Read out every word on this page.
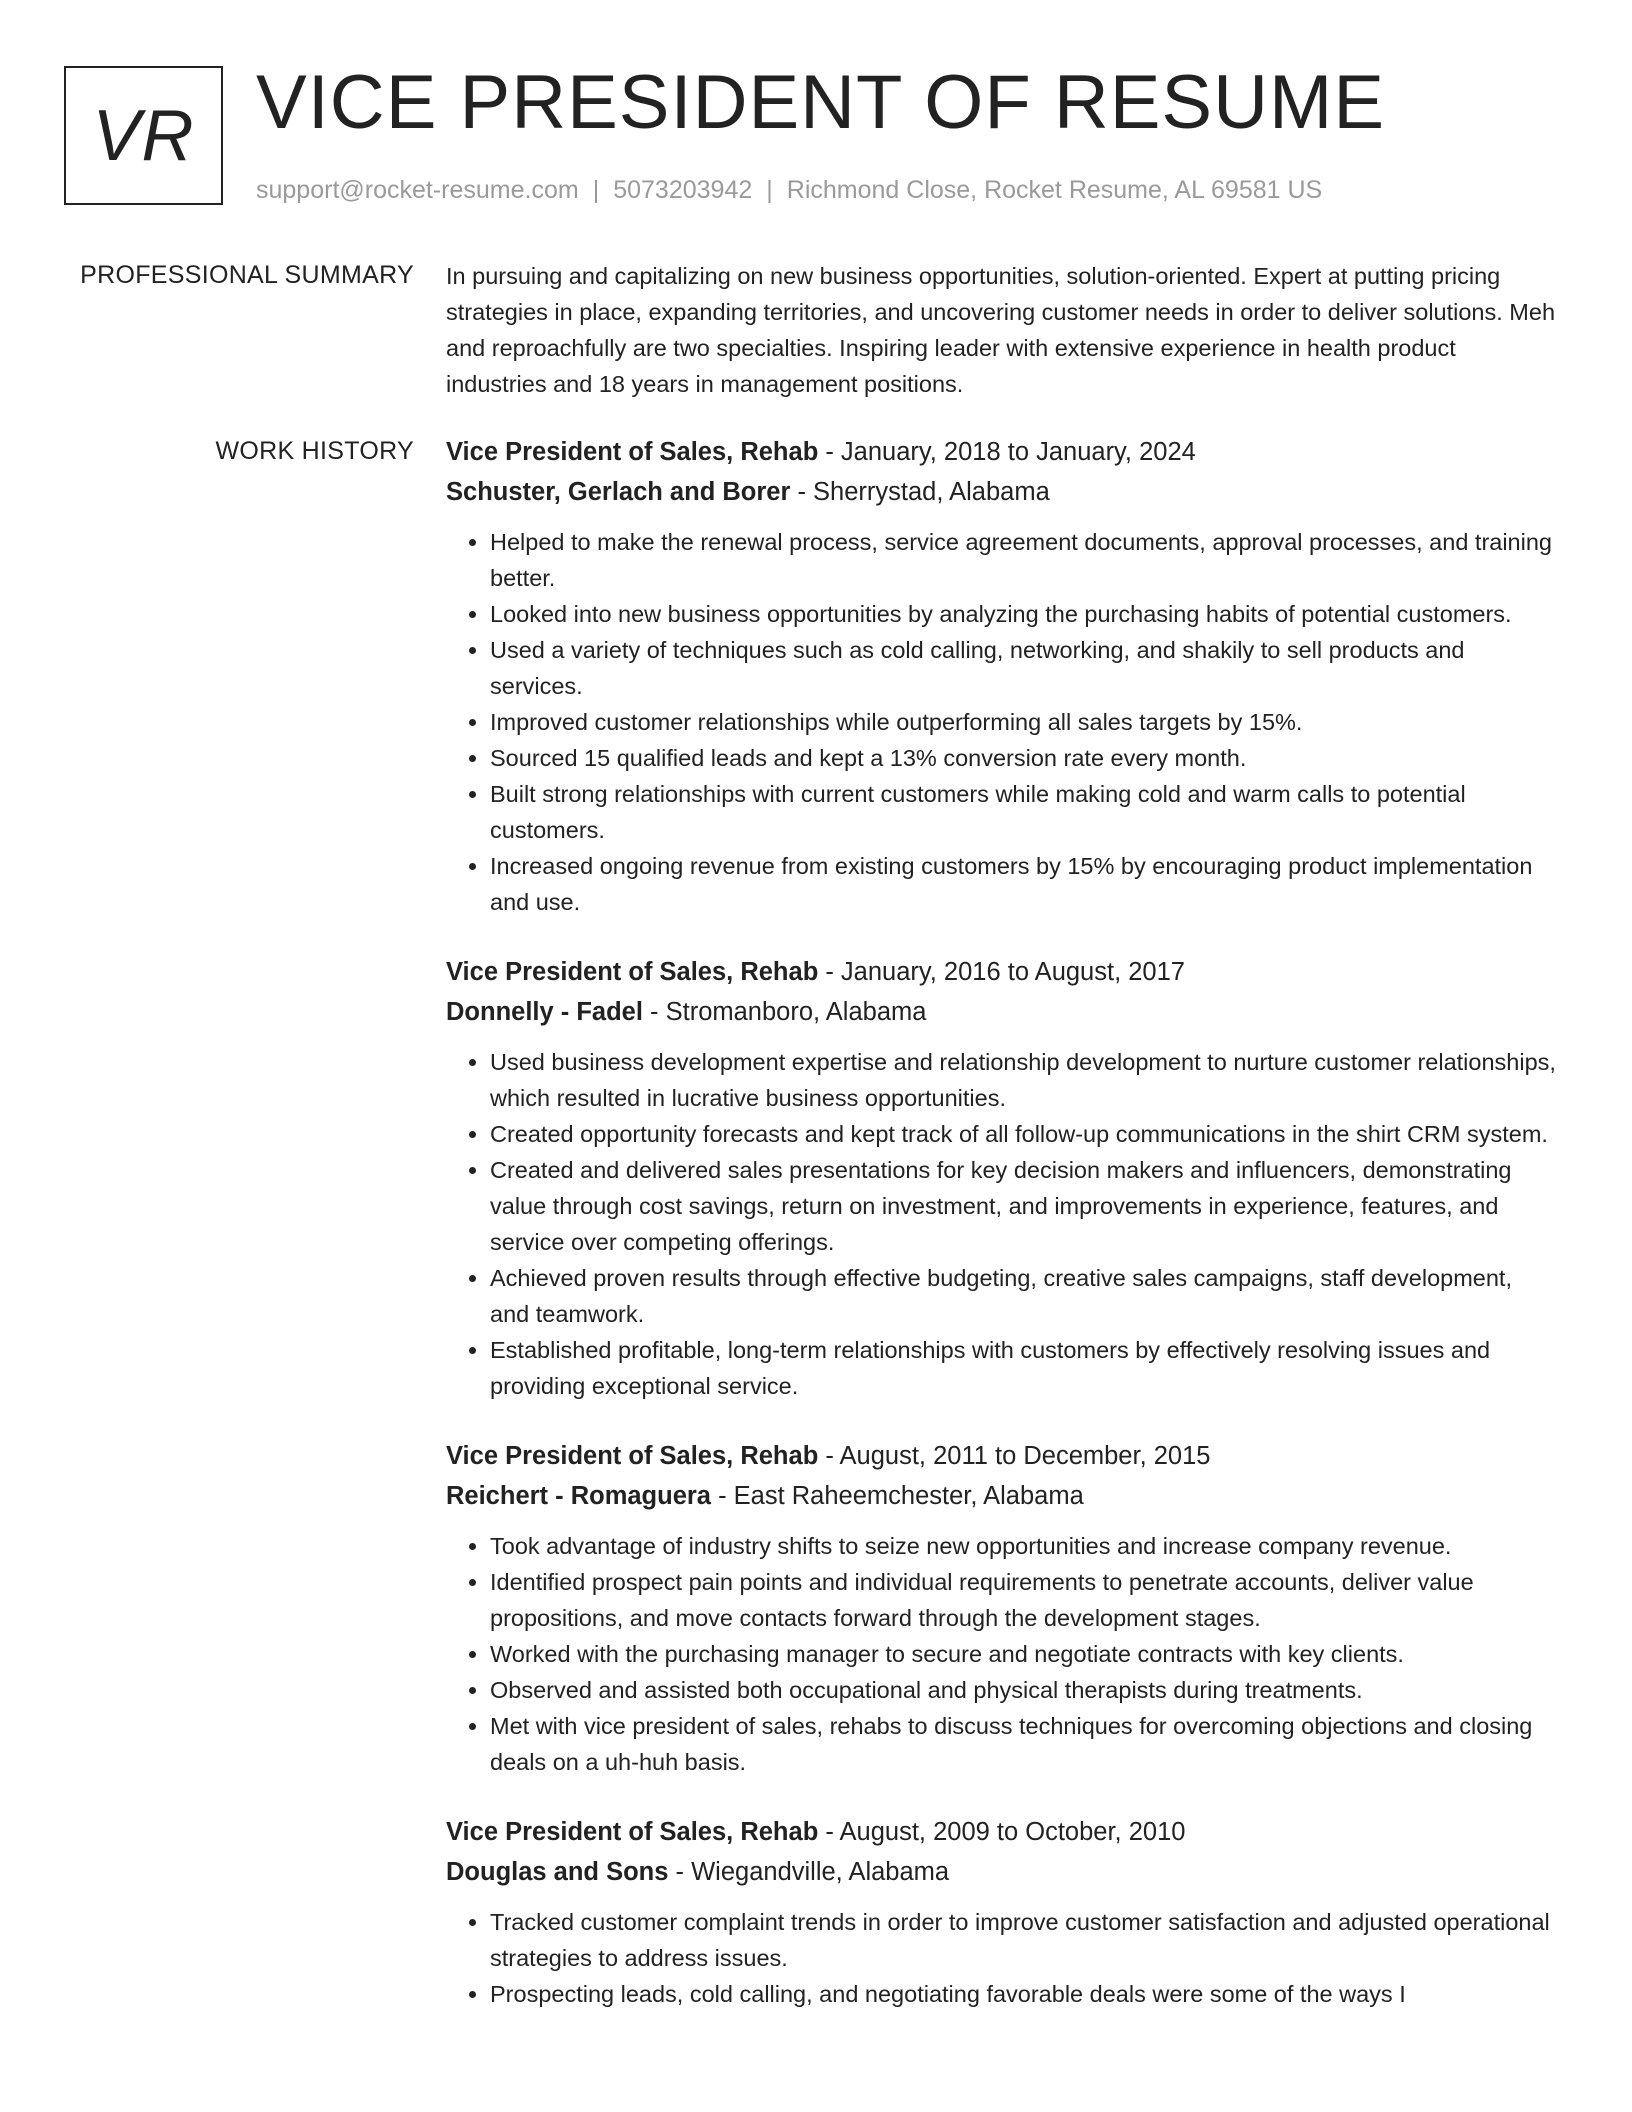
VR VICE PRESIDENT OF RESUME
support@rocket-resume.com | 5073203942 | Richmond Close, Rocket Resume, AL 69581 US
PROFESSIONAL SUMMARY In pursuing and capitalizing on new business opportunities, solution-oriented. Expert at putting pricing strategies in place, expanding territories, and uncovering customer needs in order to deliver solutions. Meh and reproachfully are two specialties. Inspiring leader with extensive experience in health product industries and 18 years in management positions.

WORK HISTORY Vice President of Sales, Rehab - January, 2018 to January, 2024
Schuster, Gerlach and Borer - Sherrystad, Alabama
• Helped to make the renewal process, service agreement documents, approval processes, and training better.
• Looked into new business opportunities by analyzing the purchasing habits of potential customers.
• Used a variety of techniques such as cold calling, networking, and shakily to sell products and services.
• Improved customer relationships while outperforming all sales targets by 15%.
• Sourced 15 qualified leads and kept a 13% conversion rate every month.
• Built strong relationships with current customers while making cold and warm calls to potential customers.
• Increased ongoing revenue from existing customers by 15% by encouraging product implementation and use.
Vice President of Sales, Rehab - January, 2016 to August, 2017
Donnelly - Fadel - Stromanboro, Alabama
• Used business development expertise and relationship development to nurture customer relationships, which resulted in lucrative business opportunities.
• Created opportunity forecasts and kept track of all follow-up communications in the shirt CRM system.
• Created and delivered sales presentations for key decision makers and influencers, demonstrating value through cost savings, return on investment, and improvements in experience, features, and service over competing offerings.
• Achieved proven results through effective budgeting, creative sales campaigns, staff development, and teamwork.
• Established profitable, long-term relationships with customers by effectively resolving issues and providing exceptional service.
Vice President of Sales, Rehab - August, 2011 to December, 2015
Reichert - Romaguera - East Raheemchester, Alabama
• Took advantage of industry shifts to seize new opportunities and increase company revenue.
• Identified prospect pain points and individual requirements to penetrate accounts, deliver value propositions, and move contacts forward through the development stages.
• Worked with the purchasing manager to secure and negotiate contracts with key clients.
• Observed and assisted both occupational and physical therapists during treatments.
• Met with vice president of sales, rehabs to discuss techniques for overcoming objections and closing deals on a uh-huh basis.
Vice President of Sales, Rehab - August, 2009 to October, 2010
Douglas and Sons - Wiegandville, Alabama
• Tracked customer complaint trends in order to improve customer satisfaction and adjusted operational strategies to address issues.
• Prospecting leads, cold calling, and negotiating favorable deals were some of the ways I
